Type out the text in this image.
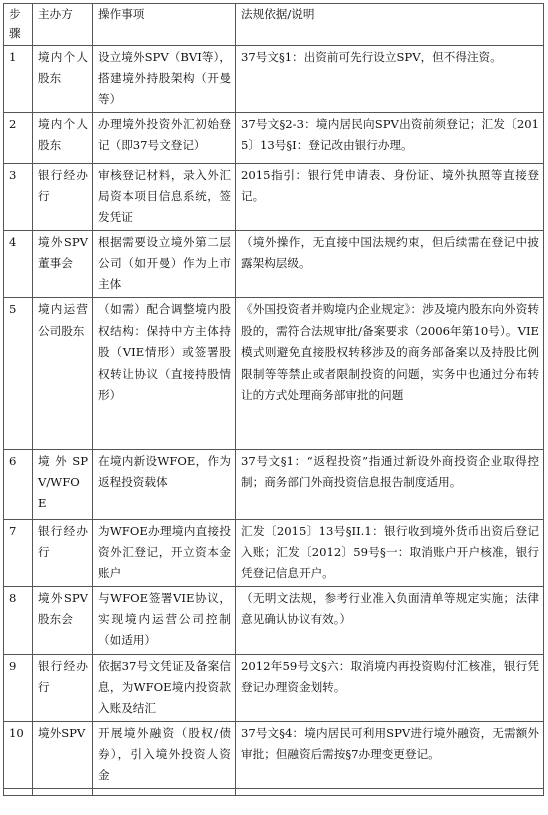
步骤	主办方	操作事项	法规依据/说明
1	境内个人股东	设立境外SPV（BVI等），搭建境外持股架构（开曼等）	37号文§1：出资前可先行设立SPV，但不得注资。
2	境内个人股东	办理境外投资外汇初始登记（即37号文登记）	37号文§2-3：境内居民向SPV出资前须登记；汇发〔2015〕13号§I：登记改由银行办理。
3	银行经办行	审核登记材料，录入外汇局资本项目信息系统，签发凭证	2015指引：银行凭申请表、身份证、境外执照等直接登记。
4	境外SPV董事会	根据需要设立境外第二层公司（如开曼）作为上市主体	（境外操作，无直接中国法规约束，但后续需在登记中披露架构层级。
5	境内运营公司股东	（如需）配合调整境内股权结构：保持中方主体持股（VIE情形）或签署股权转让协议（直接持股情形）	《外国投资者并购境内企业规定》：涉及境内股东向外资转股的，需符合法规审批/备案要求（2006年第10号）。VIE模式则避免直接股权转移涉及的商务部备案以及持股比例限制等等禁止或者限制投资的问题，实务中也通过分布转让的方式处理商务部审批的问题
6	境外SPV/WFOE	在境内新设WFOE，作为返程投资载体	37号文§1：“返程投资”指通过新设外商投资企业取得控制；商务部门外商投资信息报告制度适用。
7	银行经办行	为WFOE办理境内直接投资外汇登记，开立资本金账户	汇发〔2015〕13号§II.1：银行收到境外货币出资后登记入账；汇发〔2012〕59号§一：取消账户开户核准，银行凭登记信息开户。
8	境外SPV股东会	与WFOE签署VIE协议，实现境内运营公司控制（如适用）	（无明文法规，参考行业准入负面清单等规定实施；法律意见确认协议有效。）
9	银行经办行	依据37号文凭证及备案信息，为WFOE境内投资款入账及结汇	2012年59号文§六：取消境内再投资购付汇核准，银行凭登记办理资金划转。
10	境外SPV	开展境外融资（股权/债券），引入境外投资人资金	37号文§4：境内居民可利用SPV进行境外融资，无需额外审批；但融资后需按§7办理变更登记。
